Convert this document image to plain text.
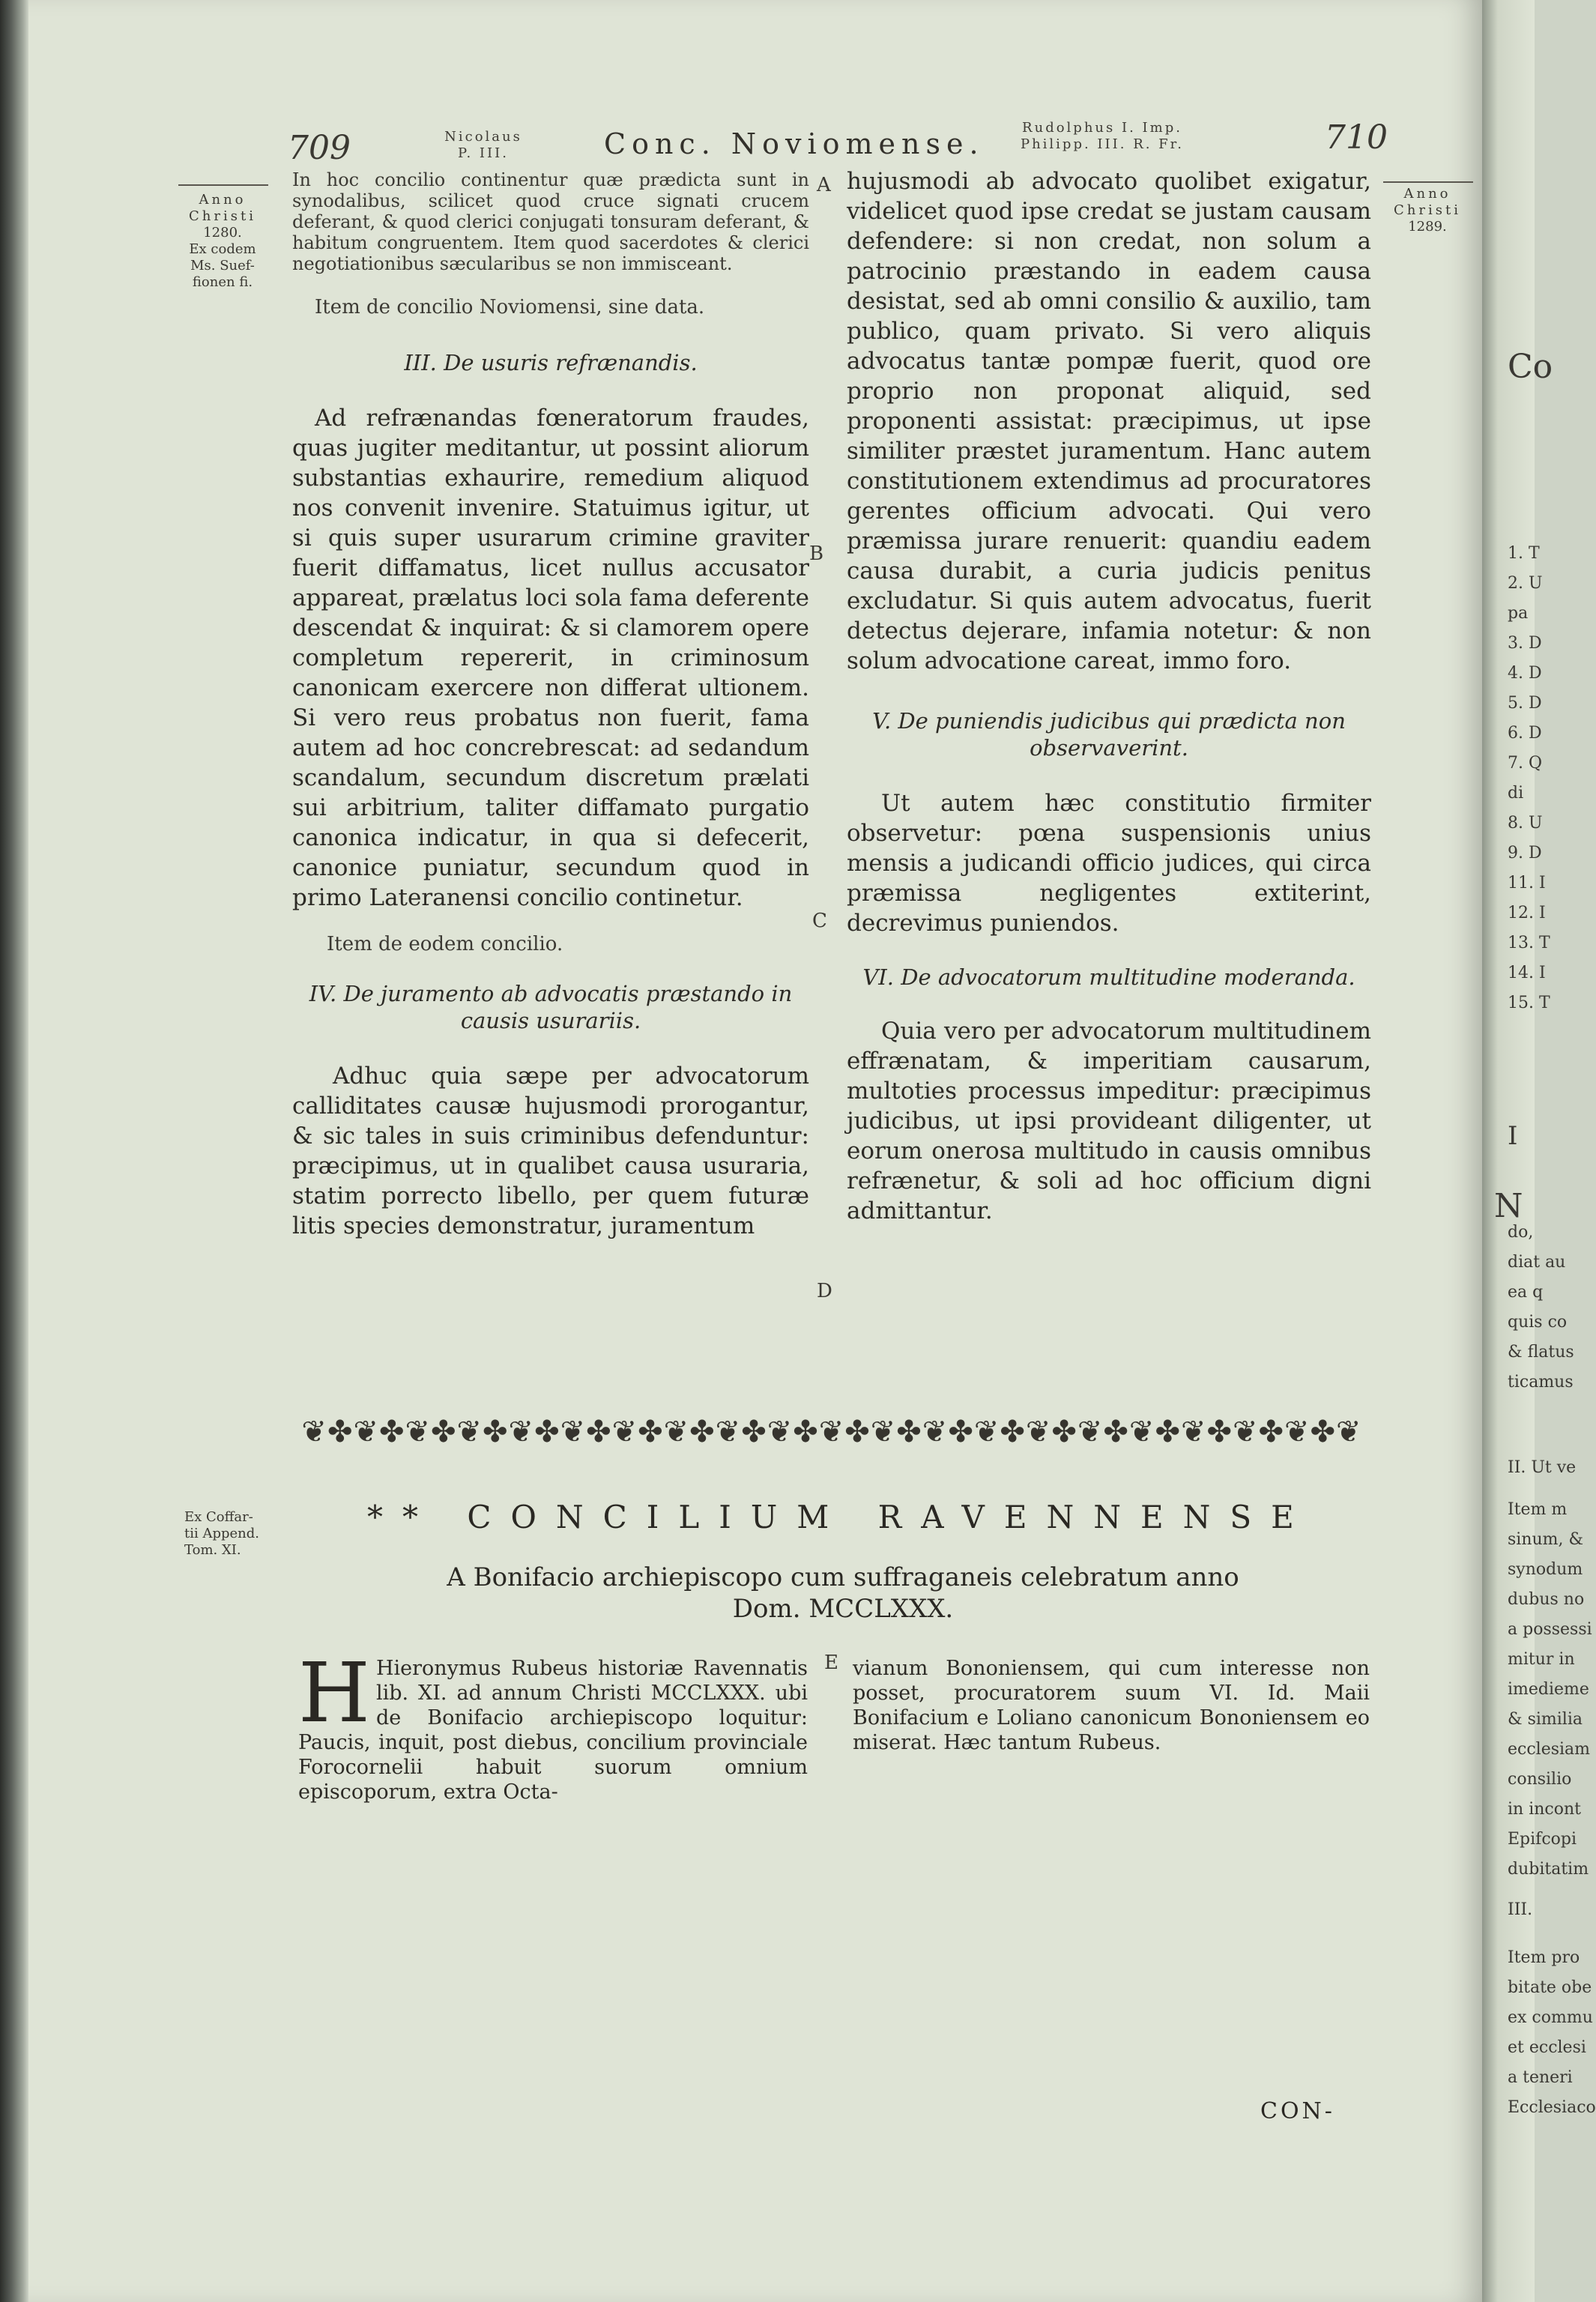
709	Nicolaus
P. III.	Conc. Noviomense.	Rudolphus I. Imp.
Philipp. III. R. Fr.	710
Anno
Christi
1280.
Ex codem
Ms. Suef-
fionen fi.
Ex Coffar-
tii Append.
Tom. XI.
Anno
Christi
1289.
A
B
C
D
E

In hoc concilio continentur quæ prædicta sunt in synodalibus, scilicet quod cruce signati crucem deferant, & quod clerici conjugati tonsuram deferant, & habitum congruentem. Item quod sacerdotes & clerici negotiationibus sæcularibus se non immisceant.

Item de concilio Noviomensi, sine data.

III. De usuris refrænandis.

Ad refrænandas fœneratorum fraudes, quas jugiter meditantur, ut possint aliorum substantias exhaurire, remedium aliquod nos convenit invenire. Statuimus igitur, ut si quis super usurarum crimine graviter fuerit diffamatus, licet nullus accusator appareat, prælatus loci sola fama deferente descendat & inquirat: & si clamorem opere completum repererit, in criminosum canonicam exercere non differat ultionem. Si vero reus probatus non fuerit, fama autem ad hoc concrebrescat: ad sedandum scandalum, secundum discretum prælati sui arbitrium, taliter diffamato purgatio canonica indicatur, in qua si defecerit, canonice puniatur, secundum quod in primo Lateranensi concilio continetur.

Item de eodem concilio.

IV. De juramento ab advocatis præstando in causis usurariis.

Adhuc quia sæpe per advocatorum calliditates causæ hujusmodi prorogantur, & sic tales in suis criminibus defenduntur: præcipimus, ut in qualibet causa usuraria, statim porrecto libello, per quem futuræ litis species demonstratur, juramentum

hujusmodi ab advocato quolibet exigatur, videlicet quod ipse credat se justam causam defendere: si non credat, non solum a patrocinio præstando in eadem causa desistat, sed ab omni consilio & auxilio, tam publico, quam privato. Si vero aliquis advocatus tantæ pompæ fuerit, quod ore proprio non proponat aliquid, sed proponenti assistat: præcipimus, ut ipse similiter præstet juramentum. Hanc autem constitutionem extendimus ad procuratores gerentes officium advocati. Qui vero præmissa jurare renuerit: quandiu eadem causa durabit, a curia judicis penitus excludatur. Si quis autem advocatus, fuerit detectus dejerare, infamia notetur: & non solum advocatione careat, immo foro.

V. De puniendis judicibus qui prædicta non observaverint.

Ut autem hæc constitutio firmiter observetur: pœna suspensionis unius mensis a judicandi officio judices, qui circa præmissa negligentes extiterint, decrevimus puniendos.

VI. De advocatorum multitudine moderanda.

Quia vero per advocatorum multitudinem effrænatam, & imperitiam causarum, multoties processus impeditur: præcipimus judicibus, ut ipsi provideant diligenter, ut eorum onerosa multitudo in causis omnibus refrænetur, & soli ad hoc officium digni admittantur.

❦✤❦✤❦✤❦✤❦✤❦✤❦✤❦✤❦✤❦✤❦✤❦✤❦✤❦✤❦✤❦✤❦✤❦✤❦✤❦✤❦
** CONCILIUM RAVENNENSE
A Bonifacio archiepiscopo cum suffraganeis celebratum anno
Dom. MCCLXXX.
H Hieronymus Rubeus historiæ Ravennatis lib. XI. ad annum Christi MCCLXXX. ubi de Bonifacio archiepiscopo loquitur: Paucis, inquit, post diebus, concilium provinciale Forocornelii habuit suorum omnium episcoporum, extra Octa-
vianum Bononiensem, qui cum interesse non posset, procuratorem suum VI. Id. Maii Bonifacium e Loliano canonicum Bononiensem eo miserat. Hæc tantum Rubeus.
CON-
Co
1. T
2. U
pa
3. D
4. D
5. D
6. D
7. Q
di
8. U
9. D
11. I
12. I
13. T
14. I
15. T
I
N
do,
diat au
ea q
quis co
& flatus
ticamus
II. Ut ve
Item m
sinum, &
synodum
dubus no
a possessi
mitur in
imedieme
& similia
ecclesiam
consilio
in incont
Epifcopi
dubitatim
III.
Item pro
bitate obe
ex commu
et ecclesi
a teneri
Ecclesiaco
